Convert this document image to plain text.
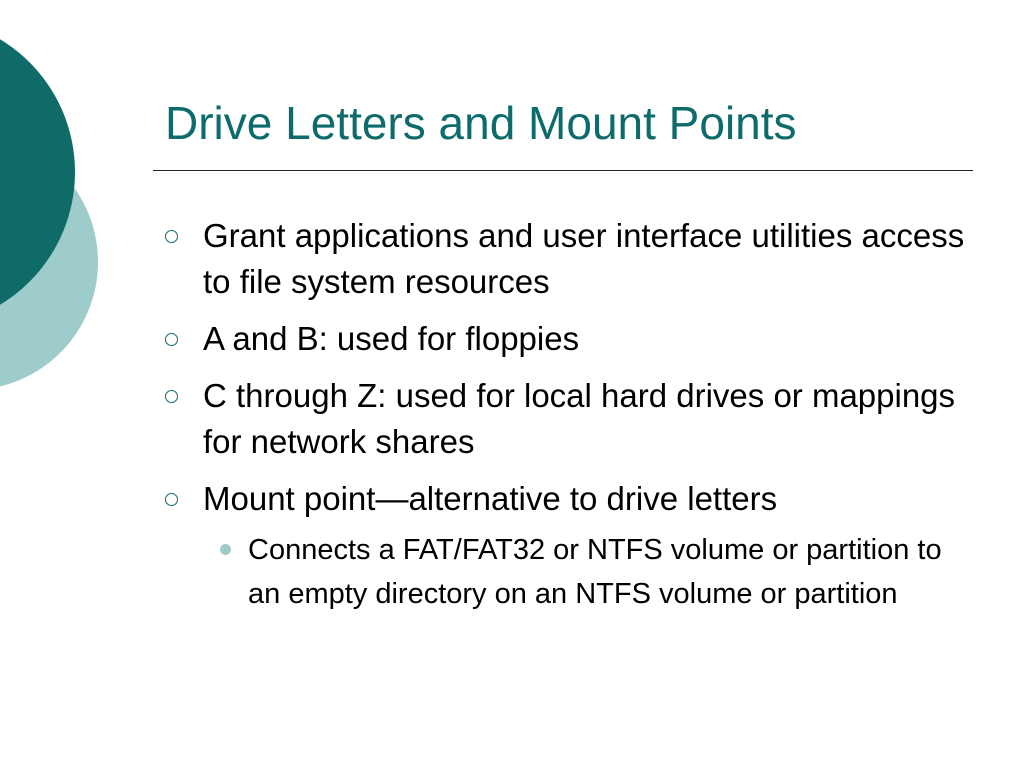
Drive Letters and Mount Points
Grant applications and user interface utilities access to file system resources
A and B: used for floppies
C through Z: used for local hard drives or mappings for network shares
Mount point—alternative to drive letters
Connects a FAT/FAT32 or NTFS volume or partition to an empty directory on an NTFS volume or partition
